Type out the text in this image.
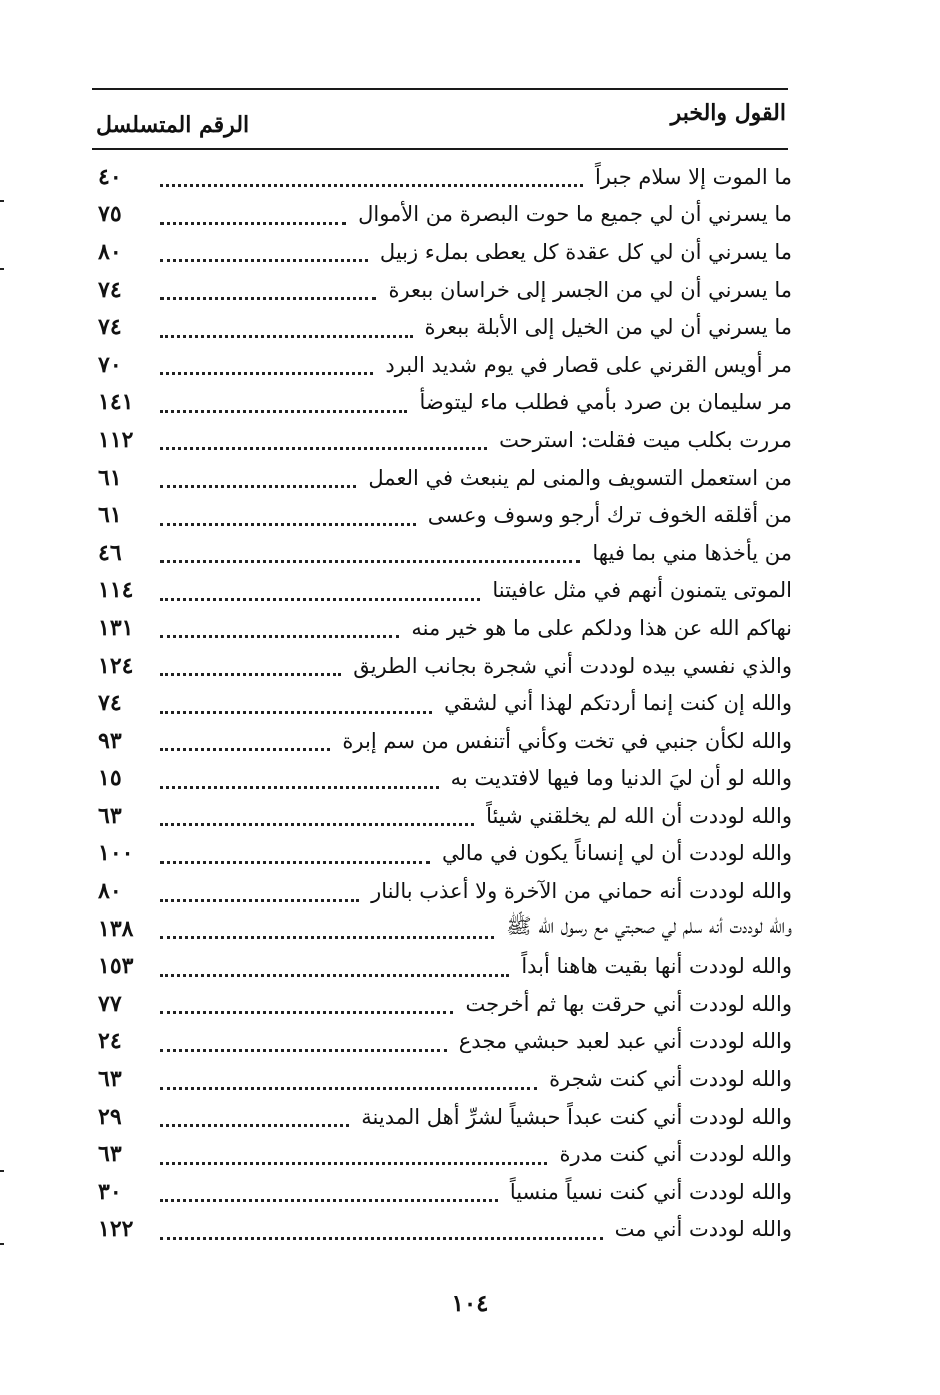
القول والخبر
الرقم المتسلسل
٤٠	ما الموت إلا سلام جبراً
٧٥	ما يسرني أن لي جميع ما حوت البصرة من الأموال
٨٠	ما يسرني أن لي كل عقدة كل يعطى بملء زبيل
٧٤	ما يسرني أن لي من الجسر إلى خراسان ببعرة
٧٤	ما يسرني أن لي من الخيل إلى الأبلة ببعرة
٧٠	مر أويس القرني على قصار في يوم شديد البرد
١٤١	مر سليمان بن صرد بأمي فطلب ماء ليتوضأ
١١٢	مررت بكلب ميت فقلت: استرحت
٦١	من استعمل التسويف والمنى لم ينبعث في العمل
٦١	من أقلقه الخوف ترك أرجو وسوف وعسى
٤٦	من يأخذها مني بما فيها
١١٤	الموتى يتمنون أنهم في مثل عافيتنا
١٣١	نهاكم الله عن هذا ودلكم على ما هو خير منه
١٢٤	والذي نفسي بيده لوددت أني شجرة بجانب الطريق
٧٤	والله إن كنت إنما أردتكم لهذا أني لشقي
٩٣	والله لكأن جنبي في تخت وكأني أتنفس من سم إبرة
١٥	والله لو أن ليَ الدنيا وما فيها لافتديت به
٦٣	والله لوددت أن الله لم يخلقني شيئاً
١٠٠	والله لوددت أن لي إنساناً يكون في مالي
٨٠	والله لوددت أنه حماني من الآخرة ولا أعذب بالنار
١٣٨	والله لوددت أنه سلم لي صحبتي مع رسول الله ﷺ
١٥٣	والله لوددت أنها بقيت هاهنا أبداً
٧٧	والله لوددت أني حرقت بها ثم أخرجت
٢٤	والله لوددت أني عبد لعبد حبشي مجدع
٦٣	والله لوددت أني كنت شجرة
٢٩	والله لوددت أني كنت عبداً حبشياً لشرِّ أهل المدينة
٦٣	والله لوددت أني كنت مدرة
٣٠	والله لوددت أني كنت نسياً منسياً
١٢٢	والله لوددت أني مت
١٠٤
